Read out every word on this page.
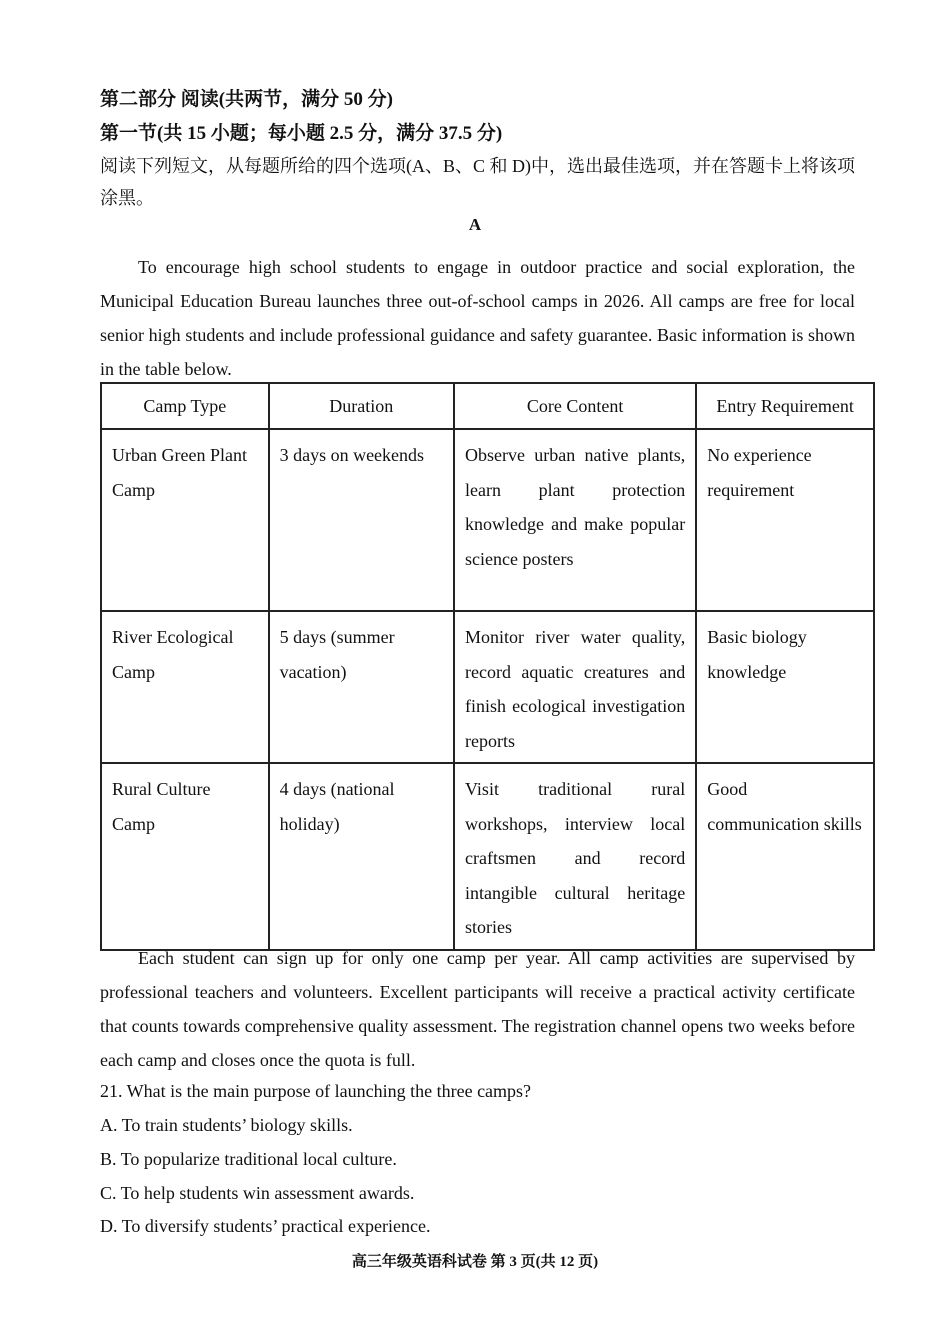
第二部分 阅读(共两节，满分 50 分)
第一节(共 15 小题；每小题 2.5 分，满分 37.5 分)
阅读下列短文，从每题所给的四个选项(A、B、C 和 D)中，选出最佳选项，并在答题卡上将该项涂黑。
A
To encourage high school students to engage in outdoor practice and social exploration, the Municipal Education Bureau launches three out-of-school camps in 2026. All camps are free for local senior high students and include professional guidance and safety guarantee. Basic information is shown in the table below.
Camp Type	Duration	Core Content	Entry Requirement
Urban Green Plant Camp	3 days on weekends	Observe urban native plants, learn plant protection knowledge and make popular science posters	No experience requirement
River Ecological Camp	5 days (summer vacation)	Monitor river water quality, record aquatic creatures and finish ecological investigation reports	Basic biology knowledge
Rural Culture Camp	4 days (national holiday)	Visit traditional rural workshops, interview local craftsmen and record intangible cultural heritage stories	Good communication skills
Each student can sign up for only one camp per year. All camp activities are supervised by professional teachers and volunteers. Excellent participants will receive a practical activity certificate that counts towards comprehensive quality assessment. The registration channel opens two weeks before each camp and closes once the quota is full.
21. What is the main purpose of launching the three camps?
A. To train students’ biology skills.
B. To popularize traditional local culture.
C. To help students win assessment awards.
D. To diversify students’ practical experience.
高三年级英语科试卷 第 3 页(共 12 页)
